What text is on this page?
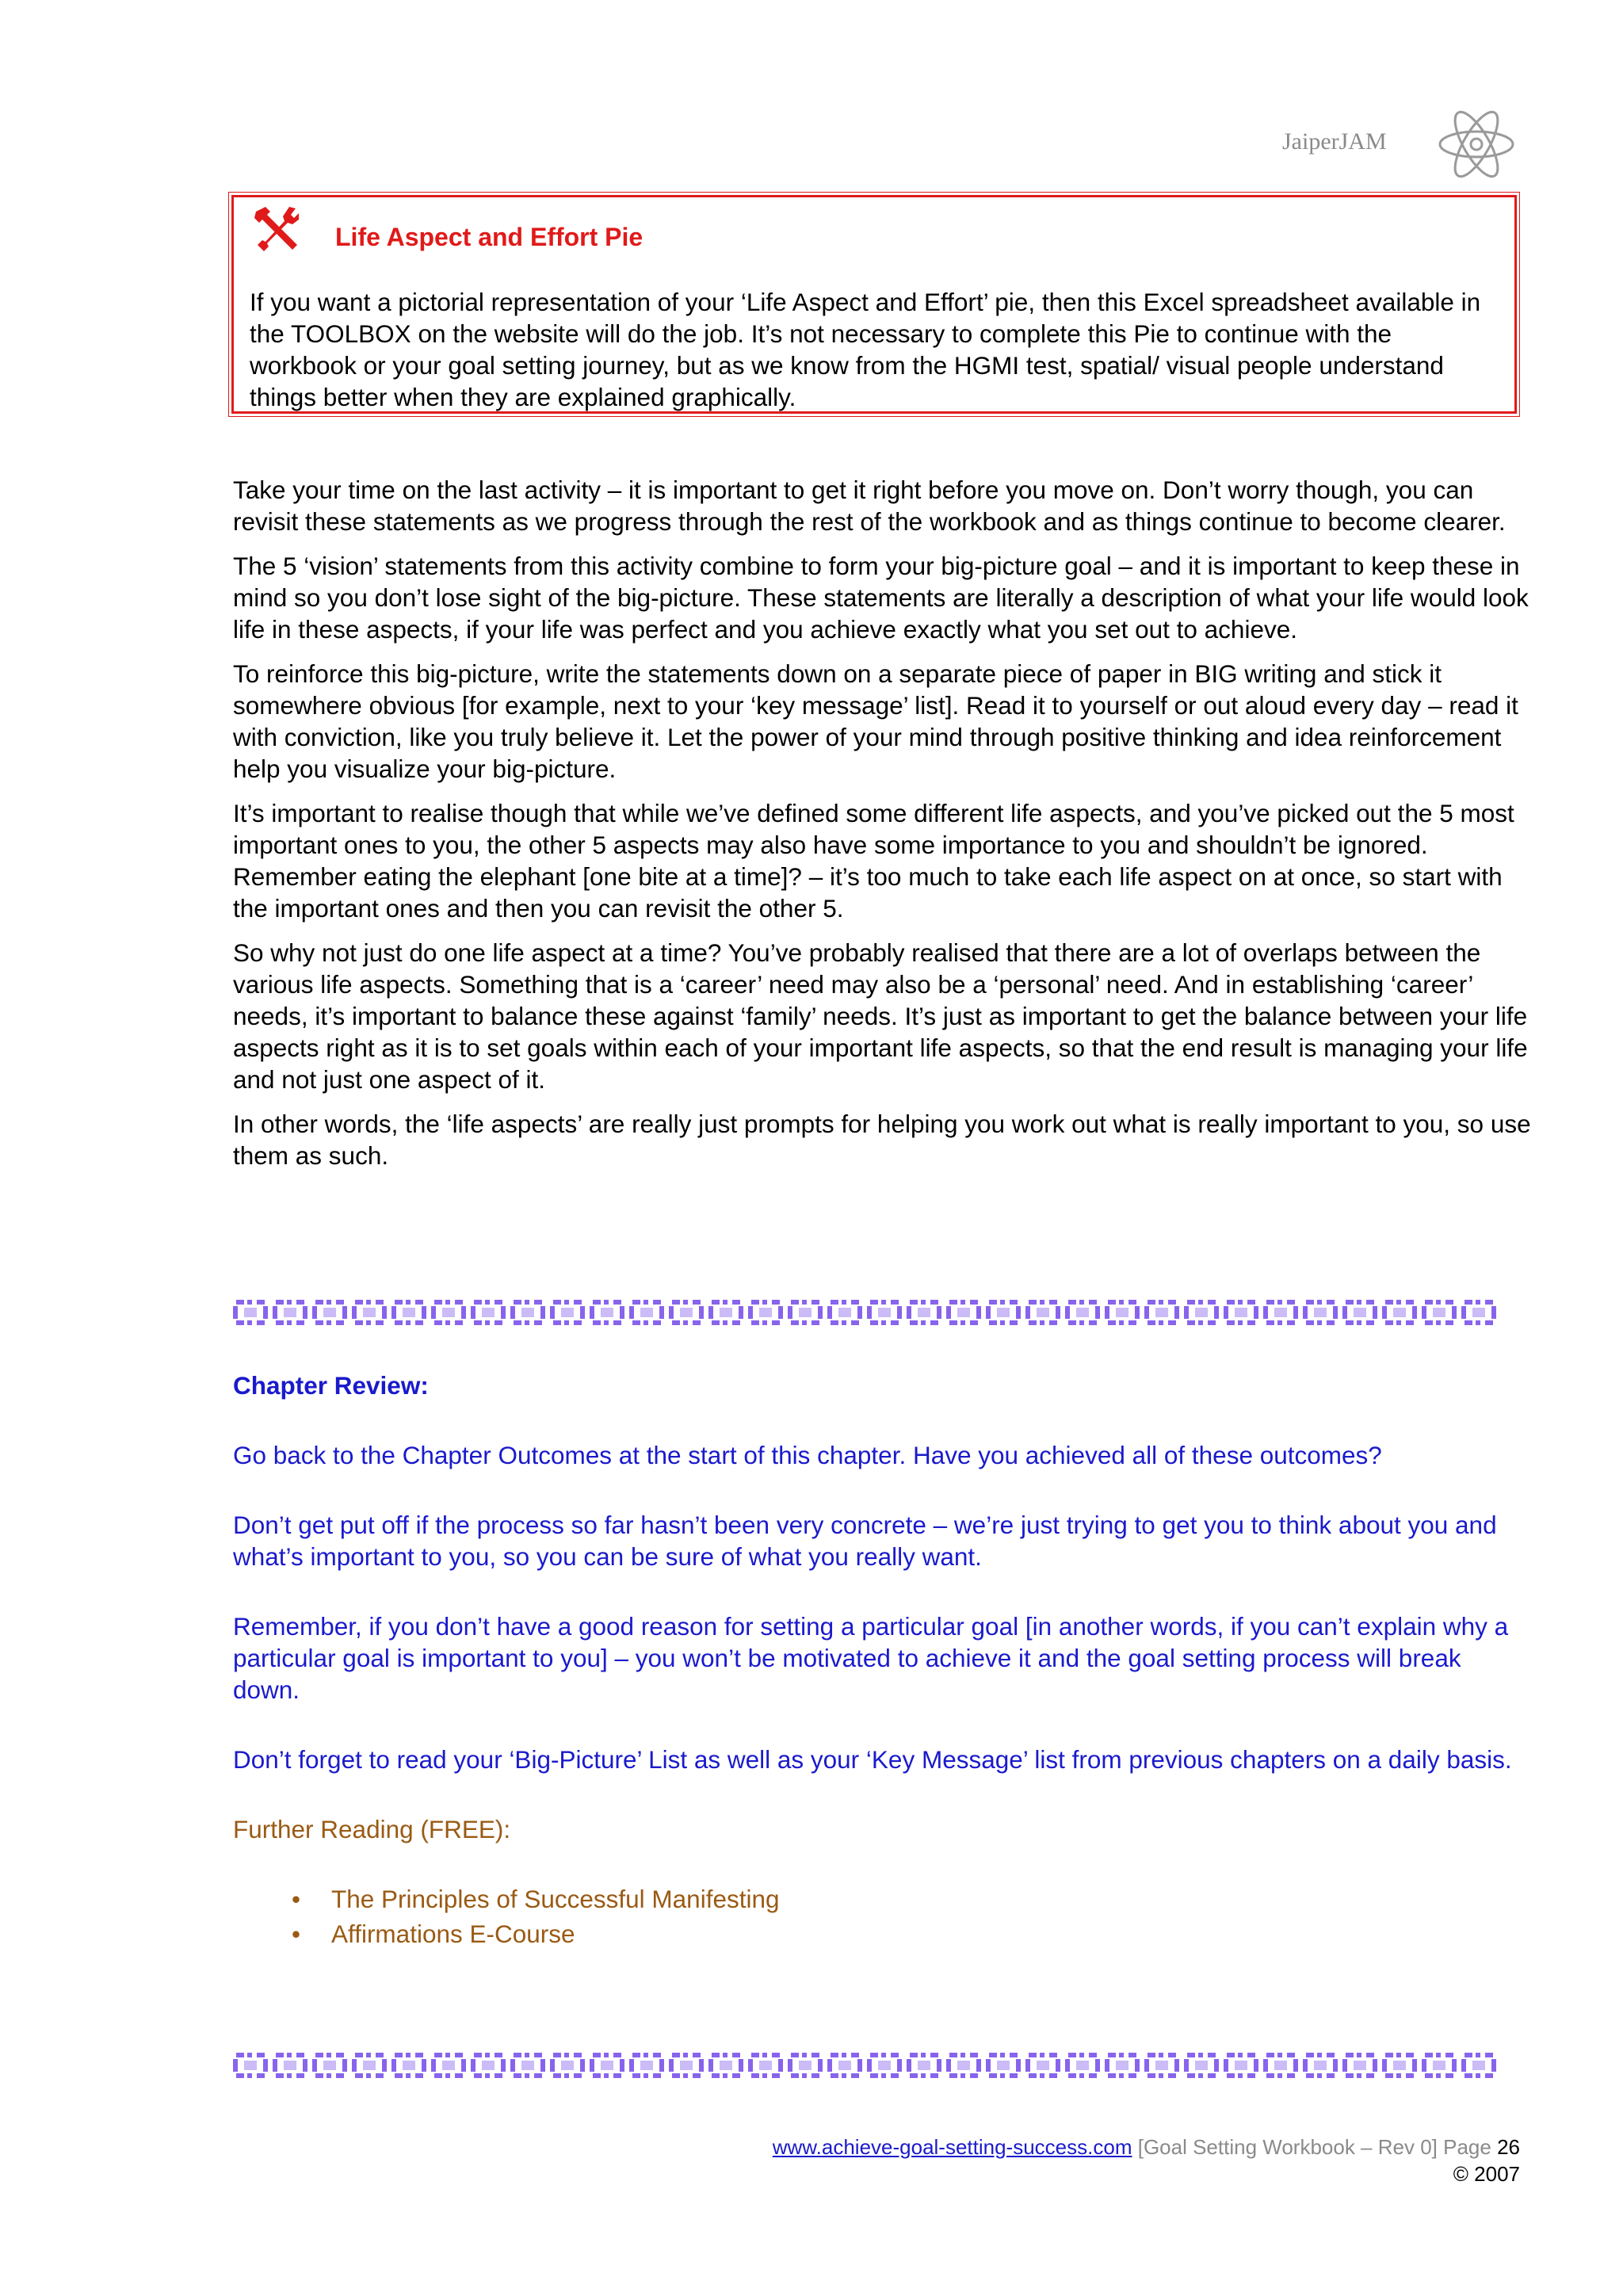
JaiperJAM
Life Aspect and Effort Pie
If you want a pictorial representation of your ‘Life Aspect and Effort’ pie, then this Excel spreadsheet available in the TOOLBOX on the website will do the job. It’s not necessary to complete this Pie to continue with the workbook or your goal setting journey, but as we know from the HGMI test, spatial/ visual people understand things better when they are explained graphically.

Take your time on the last activity – it is important to get it right before you move on. Don’t worry though, you can revisit these statements as we progress through the rest of the workbook and as things continue to become clearer.

The 5 ‘vision’ statements from this activity combine to form your big-picture goal – and it is important to keep these in mind so you don’t lose sight of the big-picture. These statements are literally a description of what your life would look life in these aspects, if your life was perfect and you achieve exactly what you set out to achieve.

To reinforce this big-picture, write the statements down on a separate piece of paper in BIG writing and stick it somewhere obvious [for example, next to your ‘key message’ list]. Read it to yourself or out aloud every day – read it with conviction, like you truly believe it. Let the power of your mind through positive thinking and idea reinforcement help you visualize your big-picture.

It’s important to realise though that while we’ve defined some different life aspects, and you’ve picked out the 5 most important ones to you, the other 5 aspects may also have some importance to you and shouldn’t be ignored. Remember eating the elephant [one bite at a time]? – it’s too much to take each life aspect on at once, so start with the important ones and then you can revisit the other 5.

So why not just do one life aspect at a time? You’ve probably realised that there are a lot of overlaps between the various life aspects. Something that is a ‘career’ need may also be a ‘personal’ need. And in establishing ‘career’ needs, it’s important to balance these against ‘family’ needs. It’s just as important to get the balance between your life aspects right as it is to set goals within each of your important life aspects, so that the end result is managing your life and not just one aspect of it.

In other words, the ‘life aspects’ are really just prompts for helping you work out what is really important to you, so use them as such.

Chapter Review:

Go back to the Chapter Outcomes at the start of this chapter. Have you achieved all of these outcomes?

Don’t get put off if the process so far hasn’t been very concrete – we’re just trying to get you to think about you and what’s important to you, so you can be sure of what you really want.

Remember, if you don’t have a good reason for setting a particular goal [in another words, if you can’t explain why a particular goal is important to you] – you won’t be motivated to achieve it and the goal setting process will break down.

Don’t forget to read your ‘Big-Picture’ List as well as your ‘Key Message’ list from previous chapters on a daily basis.

Further Reading (FREE):

• The Principles of Successful Manifesting
• Affirmations E-Course
www.achieve-goal-setting-success.com [Goal Setting Workbook – Rev 0] Page 26
© 2007
